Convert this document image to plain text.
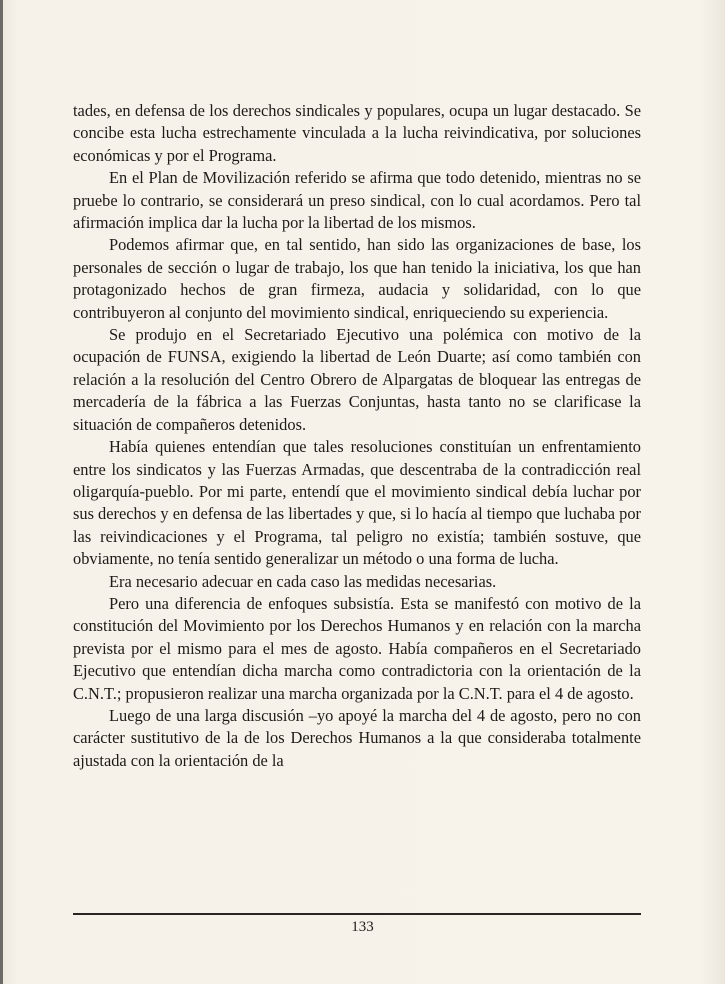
tades, en defensa de los derechos sindicales y populares, ocupa un lugar destacado. Se concibe esta lucha estrechamente vinculada a la lucha reivindicativa, por soluciones económicas y por el Programa.

En el Plan de Movilización referido se afirma que todo detenido, mientras no se pruebe lo contrario, se considerará un preso sindical, con lo cual acordamos. Pero tal afirmación implica dar la lucha por la libertad de los mismos.

Podemos afirmar que, en tal sentido, han sido las organizaciones de base, los personales de sección o lugar de trabajo, los que han tenido la iniciativa, los que han protagonizado hechos de gran firmeza, audacia y solidaridad, con lo que contribuyeron al conjunto del movimiento sindical, enriqueciendo su experiencia.

Se produjo en el Secretariado Ejecutivo una polémica con motivo de la ocupación de FUNSA, exigiendo la libertad de León Duarte; así como también con relación a la resolución del Centro Obrero de Alpargatas de bloquear las entregas de mercadería de la fábrica a las Fuerzas Conjuntas, hasta tanto no se clarificase la situación de compañeros detenidos.

Había quienes entendían que tales resoluciones constituían un enfrentamiento entre los sindicatos y las Fuerzas Armadas, que descentraba de la contradicción real oligarquía-pueblo. Por mi parte, entendí que el movimiento sindical debía luchar por sus derechos y en defensa de las libertades y que, si lo hacía al tiempo que luchaba por las reivindicaciones y el Programa, tal peligro no existía; también sostuve, que obviamente, no tenía sentido generalizar un método o una forma de lucha.

Era necesario adecuar en cada caso las medidas necesarias.

Pero una diferencia de enfoques subsistía. Esta se manifestó con motivo de la constitución del Movimiento por los Derechos Humanos y en relación con la marcha prevista por el mismo para el mes de agosto. Había compañeros en el Secretariado Ejecutivo que entendían dicha marcha como contradictoria con la orientación de la C.N.T.; propusieron realizar una marcha organizada por la C.N.T. para el 4 de agosto.

Luego de una larga discusión –yo apoyé la marcha del 4 de agosto, pero no con carácter sustitutivo de la de los Derechos Humanos a la que consideraba totalmente ajustada con la orientación de la

133
